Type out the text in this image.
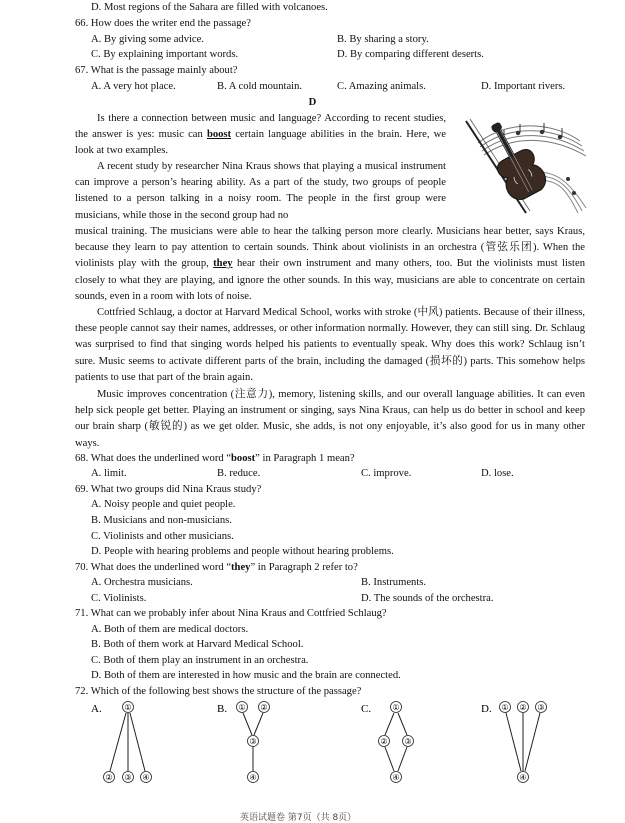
D. Most regions of the Sahara are filled with volcanoes.
66. How does the writer end the passage?
A. By giving some advice.	B. By sharing a story.
C. By explaining important words.	D. By comparing different deserts.
67. What is the passage mainly about?
A. A very hot place.	B. A cold mountain.	C. Amazing animals.	D. Important rivers.
D
Is there a connection between music and language? According to recent studies, the answer is yes: music can boost certain language abilities in the brain. Here, we look at two examples.
A recent study by researcher Nina Kraus shows that playing a musical instrument can improve a person’s hearing ability. As a part of the study, two groups of people listened to a person talking in a noisy room. The people in the first group were musicians, while those in the second group had no
musical training. The musicians were able to hear the talking person more clearly. Musicians hear better, says Kraus, because they learn to pay attention to certain sounds. Think about violinists in an orchestra (管弦乐团). When the violinists play with the group, they hear their own instrument and many others, too. But the violinists must listen closely to what they are playing, and ignore the other sounds. In this way, musicians are able to concentrate on certain sounds, even in a room with lots of noise.
Cottfried Schlaug, a doctor at Harvard Medical School, works with stroke (中风) patients. Because of their illness, these people cannot say their names, addresses, or other information normally. However, they can still sing. Dr. Schlaug was surprised to find that singing words helped his patients to eventually speak. Why does this work? Schlaug isn’t sure. Music seems to activate different parts of the brain, including the damaged (损坏的) parts. This somehow helps patients to use that part of the brain again.
Music improves concentration (注意力), memory, listening skills, and our overall language abilities. It can even help sick people get better. Playing an instrument or singing, says Nina Kraus, can help us do better in school and keep our brain sharp (敏锐的) as we get older. Music, she adds, is not ony enjoyable, it’s also good for us in many other ways.
68. What does the underlined word “boost” in Paragraph 1 mean?
A. limit.	B. reduce.	C. improve.	D. lose.
69. What two groups did Nina Kraus study?
A. Noisy people and quiet people.
B. Musicians and non-musicians.
C. Violinists and other musicians.
D. People with hearing problems and people without hearing problems.
70. What does the underlined word “they” in Paragraph 2 refer to?
A. Orchestra musicians.	B. Instruments.
C. Violinists.	D. The sounds of the orchestra.
71. What can we probably infer about Nina Kraus and Cottfried Schlaug?
A. Both of them are medical doctors.
B. Both of them work at Harvard Medical School.
C. Both of them play an instrument in an orchestra.
D. Both of them are interested in how music and the brain are connected.
72. Which of the following best shows the structure of the passage?
A.	①
② ③ ④
B. ① ②
③
④
C.	①
② ③
④
D. ① ② ③
④
英语试题卷 第7页（共 8页）
